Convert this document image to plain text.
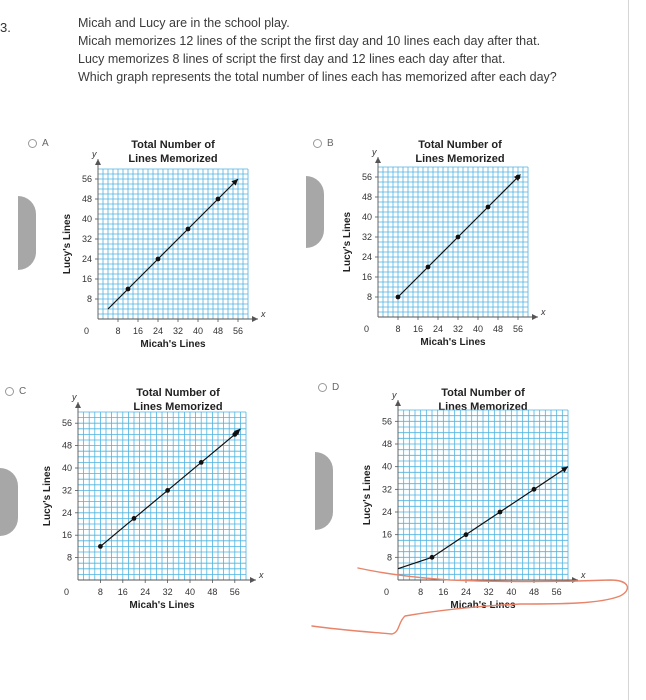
3.	Micah and Lucy are in the school play.
Micah memorizes 12 lines of the script the first day and 10 lines each day after that.
Lucy memorizes 8 lines of script the first day and 12 lines each day after that.
Which graph represents the total number of lines each has memorized after each day?
A	B
C	D
Total Number of
Lines Memorized
x
y
0	8 16 24 32 40 48 56
56
48
40
32
24
16
8
Micah's Lines
Lucy's Lines
Total Number of
Lines Memorized
x
y
0	8 16 24 32 40 48 56
56
48
40
32
24
16
8
Micah's Lines
Lucy's Lines
Total Number of
Lines Memorized
x
y
0	8 16 24 32 40 48 56
56
48
40
32
24
16
8
Micah's Lines
Lucy's Lines
Total Number of
Lines Memorized
x
y
0	8 16 24 32 40 48 56
56
48
40
32
24
16
8
Micah's Lines
Lucy's Lines
